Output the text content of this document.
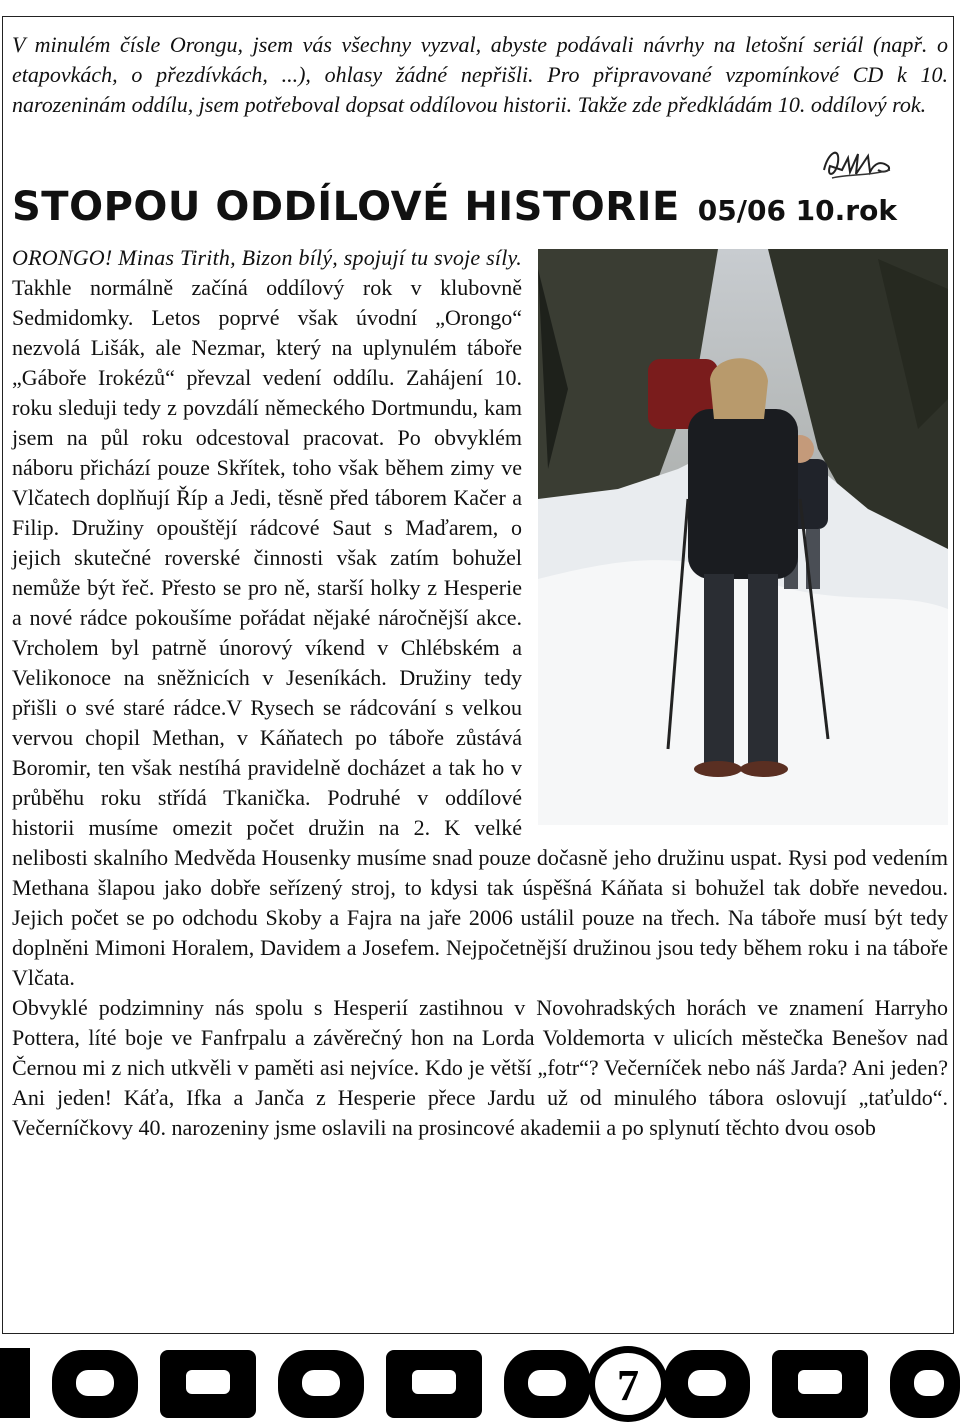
V minulém čísle Orongu, jsem vás všechny vyzval, abyste podávali návrhy na letošní seriál (např. o etapovkách, o přezdívkách, ...), ohlasy žádné nepřišli. Pro připravované vzpomínkové CD k 10. narozeninám oddílu, jsem potřeboval dopsat oddílovou historii. Takže zde předkládám 10. oddílový rok.
STOPOU ODDÍLOVÉ HISTORIE 05/06 10.rok

ORONGO! Minas Tirith, Bizon bílý, spojují tu svoje síly. Takhle normálně začíná oddílový rok v klubovně Sedmidomky. Letos poprvé však úvodní „Orongo“ nezvolá Lišák, ale Nezmar, který na uplynulém táboře „Gáboře Irokézů“ převzal vedení oddílu. Zahájení 10. roku sleduji tedy z povzdálí německého Dortmundu, kam jsem na půl roku odcestoval pracovat. Po obvyklém náboru přichází pouze Skřítek, toho však během zimy ve Vlčatech doplňují Říp a Jedi, těsně před táborem Kačer a Filip. Družiny opouštějí rádcové Saut s Maďarem, o jejich skutečné roverské činnosti však zatím bohužel nemůže být řeč. Přesto se pro ně, starší holky z Hesperie a nové rádce pokoušíme pořádat nějaké náročnější akce. Vrcholem byl patrně únorový víkend v Chlébském a Velikonoce na sněžnicích v Jeseníkách. Družiny tedy přišli o své staré rádce.V Rysech se rádcování s velkou vervou chopil Methan, v Káňatech po táboře zůstává Boromir, ten však nestíhá pravidelně docházet a tak ho v průběhu roku střídá Tkanička. Podruhé v oddílové historii musíme omezit počet družin na 2. K velké nelibosti skalního Medvěda Housenky musíme snad pouze dočasně jeho družinu uspat. Rysi pod vedením Methana šlapou jako dobře seřízený stroj, to kdysi tak úspěšná Káňata si bohužel tak dobře nevedou. Jejich počet se po odchodu Skoby a Fajra na jaře 2006 ustálil pouze na třech. Na táboře musí být tedy doplněni Mimoni Horalem, Davidem a Josefem. Nejpočetnější družinou jsou tedy během roku i na táboře Vlčata.

Obvyklé podzimniny nás spolu s Hesperií zastihnou v Novohradských horách ve znamení Harryho Pottera, líté boje ve Fanfrpalu a závěrečný hon na Lorda Voldemorta v ulicích městečka Benešov nad Černou mi z nich utkvěli v paměti asi nejvíce. Kdo je větší „fotr“? Večerníček nebo náš Jarda? Ani jeden? Ani jeden! Káťa, Ifka a Janča z Hesperie přece Jardu už od minulého tábora oslovují „taťuldo“. Večerníčkovy 40. narozeniny jsme oslavili na prosincové akademii a po splynutí těchto dvou osob

7
